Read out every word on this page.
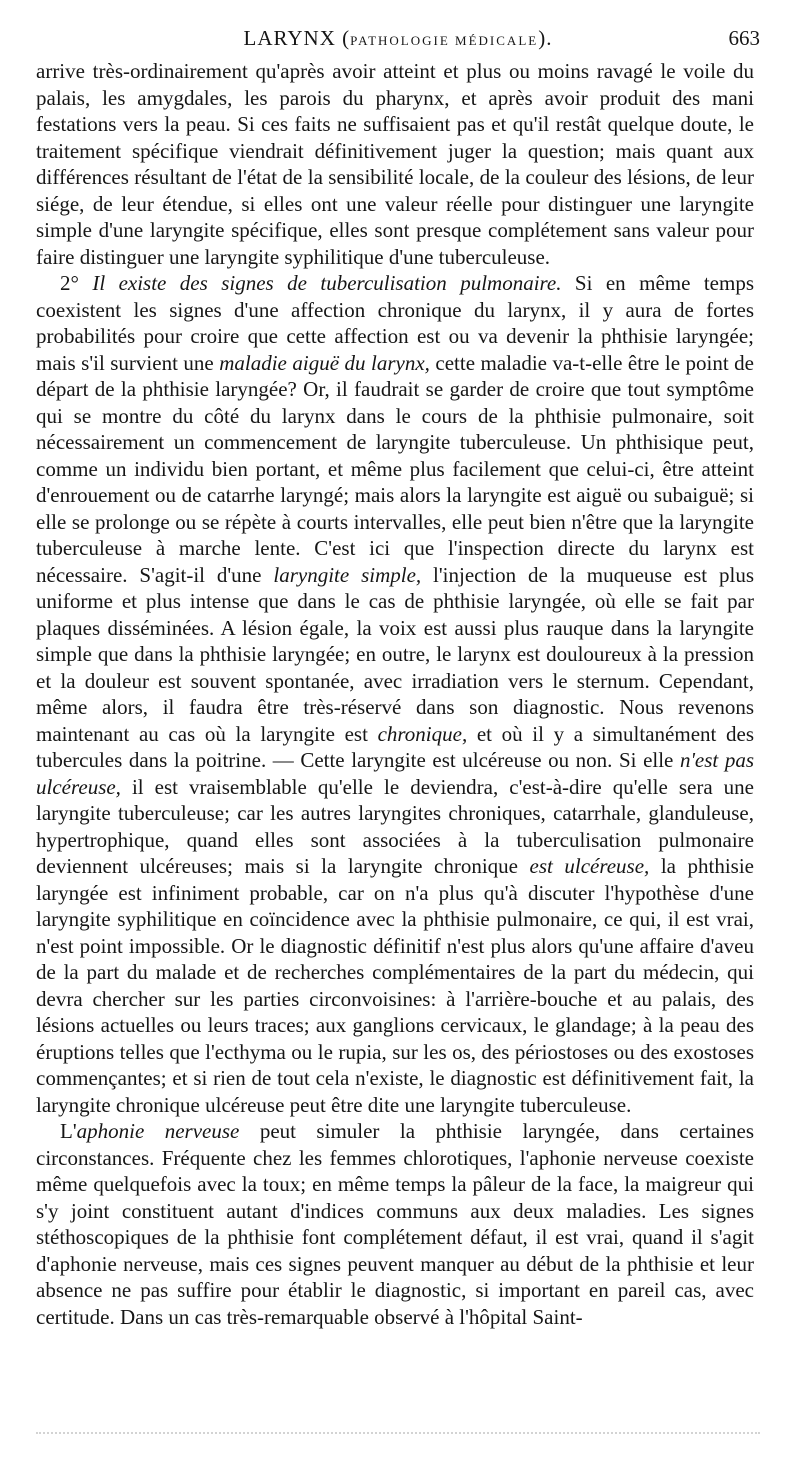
LARYNX (PATHOLOGIE MÉDICALE).	663

arrive très-ordinairement qu'après avoir atteint et plus ou moins ravagé le voile du palais, les amygdales, les parois du pharynx, et après avoir produit des mani festations vers la peau. Si ces faits ne suffisaient pas et qu'il restât quelque doute, le traitement spécifique viendrait définitivement juger la question; mais quant aux différences résultant de l'état de la sensibilité locale, de la couleur des lésions, de leur siége, de leur étendue, si elles ont une valeur réelle pour distinguer une laryngite simple d'une laryngite spécifique, elles sont presque complétement sans valeur pour faire distinguer une laryngite syphilitique d'une tuberculeuse.

2° Il existe des signes de tuberculisation pulmonaire. Si en même temps coexistent les signes d'une affection chronique du larynx, il y aura de fortes probabilités pour croire que cette affection est ou va devenir la phthisie laryngée; mais s'il survient une maladie aiguë du larynx, cette maladie va-t-elle être le point de départ de la phthisie laryngée? Or, il faudrait se garder de croire que tout symptôme qui se montre du côté du larynx dans le cours de la phthisie pulmonaire, soit nécessairement un commencement de laryngite tuberculeuse. Un phthisique peut, comme un individu bien portant, et même plus facilement que celui-ci, être atteint d'enrouement ou de catarrhe laryngé; mais alors la laryngite est aiguë ou subaiguë; si elle se prolonge ou se répète à courts intervalles, elle peut bien n'être que la laryngite tuberculeuse à marche lente. C'est ici que l'inspection directe du larynx est nécessaire. S'agit-il d'une laryngite simple, l'injection de la muqueuse est plus uniforme et plus intense que dans le cas de phthisie laryngée, où elle se fait par plaques disséminées. A lésion égale, la voix est aussi plus rauque dans la laryngite simple que dans la phthisie laryngée; en outre, le larynx est douloureux à la pression et la douleur est souvent spontanée, avec irradiation vers le sternum. Cependant, même alors, il faudra être très-réservé dans son diagnostic. Nous revenons maintenant au cas où la laryngite est chronique, et où il y a simultanément des tubercules dans la poitrine. — Cette laryngite est ulcéreuse ou non. Si elle n'est pas ulcéreuse, il est vraisemblable qu'elle le deviendra, c'est-à-dire qu'elle sera une laryngite tuberculeuse; car les autres laryngites chroniques, catarrhale, glanduleuse, hypertrophique, quand elles sont associées à la tuberculisation pulmonaire deviennent ulcéreuses; mais si la laryngite chronique est ulcéreuse, la phthisie laryngée est infiniment probable, car on n'a plus qu'à discuter l'hypothèse d'une laryngite syphilitique en coïncidence avec la phthisie pulmonaire, ce qui, il est vrai, n'est point impossible. Or le diagnostic définitif n'est plus alors qu'une affaire d'aveu de la part du malade et de recherches complémentaires de la part du médecin, qui devra chercher sur les parties circonvoisines: à l'arrière-bouche et au palais, des lésions actuelles ou leurs traces; aux ganglions cervicaux, le glandage; à la peau des éruptions telles que l'ecthyma ou le rupia, sur les os, des périostoses ou des exostoses commençantes; et si rien de tout cela n'existe, le diagnostic est définitivement fait, la laryngite chronique ulcéreuse peut être dite une laryngite tuberculeuse.

L'aphonie nerveuse peut simuler la phthisie laryngée, dans certaines circonstances. Fréquente chez les femmes chlorotiques, l'aphonie nerveuse coexiste même quelquefois avec la toux; en même temps la pâleur de la face, la maigreur qui s'y joint constituent autant d'indices communs aux deux maladies. Les signes stéthoscopiques de la phthisie font complétement défaut, il est vrai, quand il s'agit d'aphonie nerveuse, mais ces signes peuvent manquer au début de la phthisie et leur absence ne pas suffire pour établir le diagnostic, si important en pareil cas, avec certitude. Dans un cas très-remarquable observé à l'hôpital Saint-
